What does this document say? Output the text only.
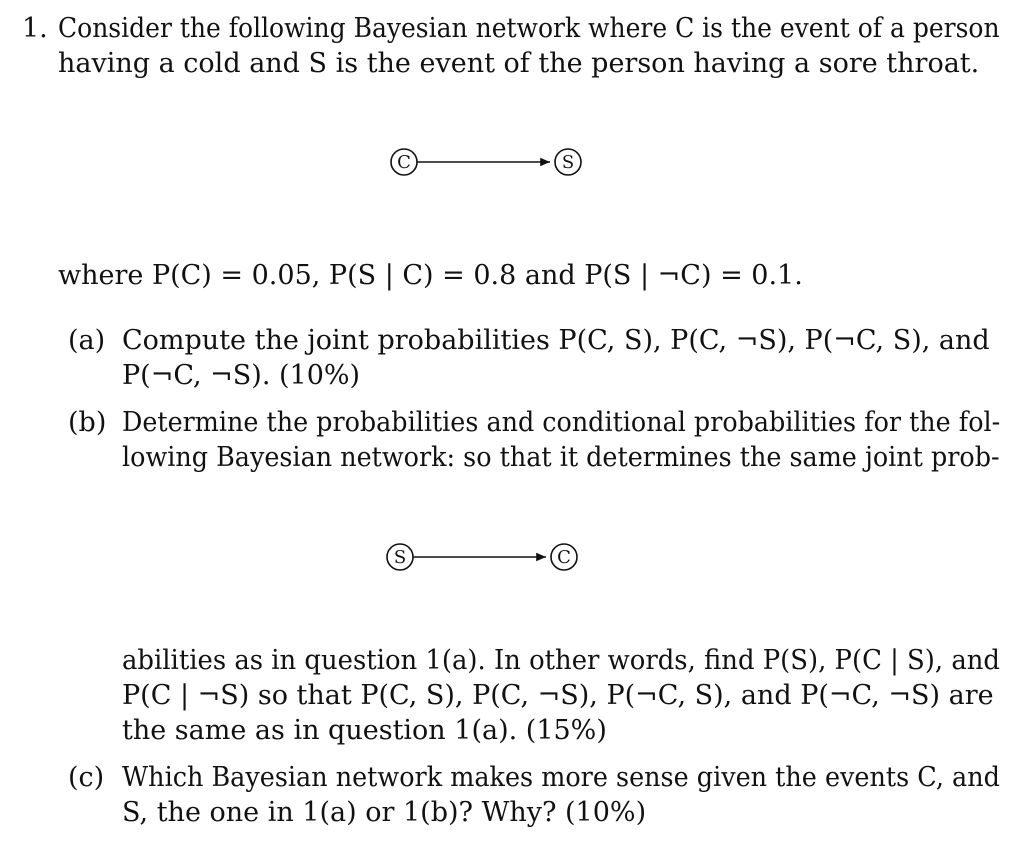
1. Consider the following Bayesian network where C is the event of a person
having a cold and S is the event of the person having a sore throat.
C	S
where P(C) = 0.05, P(S | C) = 0.8 and P(S | ¬C) = 0.1.
(a) Compute the joint probabilities P(C, S), P(C, ¬S), P(¬C, S), and
P(¬C, ¬S). (10%)
(b) Determine the probabilities and conditional probabilities for the fol-
lowing Bayesian network: so that it determines the same joint prob-
S	C
abilities as in question 1(a). In other words, find P(S), P(C | S), and
P(C | ¬S) so that P(C, S), P(C, ¬S), P(¬C, S), and P(¬C, ¬S) are
the same as in question 1(a). (15%)
(c) Which Bayesian network makes more sense given the events C, and
S, the one in 1(a) or 1(b)? Why? (10%)
